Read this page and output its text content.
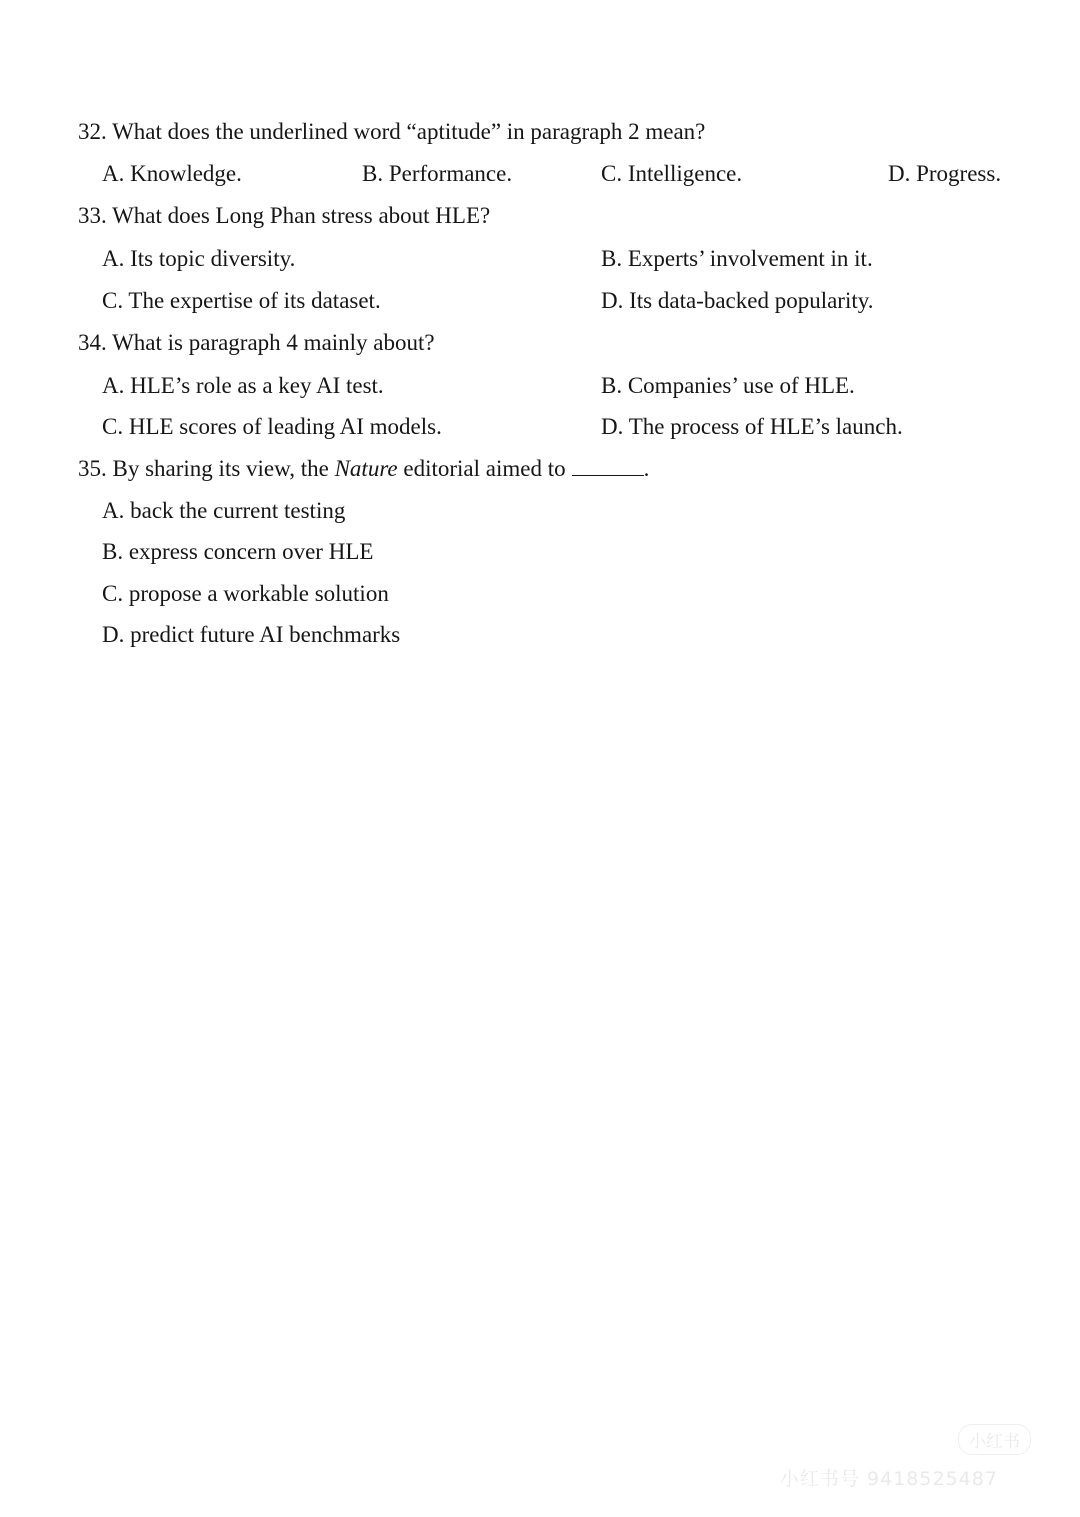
32. What does the underlined word “aptitude” in paragraph 2 mean?
A. Knowledge.	B. Performance.	C. Intelligence.	D. Progress.
33. What does Long Phan stress about HLE?
A. Its topic diversity.	B. Experts’ involvement in it.
C. The expertise of its dataset.	D. Its data-backed popularity.
34. What is paragraph 4 mainly about?
A. HLE’s role as a key AI test.	B. Companies’ use of HLE.
C. HLE scores of leading AI models.	D. The process of HLE’s launch.
35. By sharing its view, the Nature editorial aimed to	.
A. back the current testing
B. express concern over HLE
C. propose a workable solution
D. predict future AI benchmarks
小红书
小红书号 9418525487
